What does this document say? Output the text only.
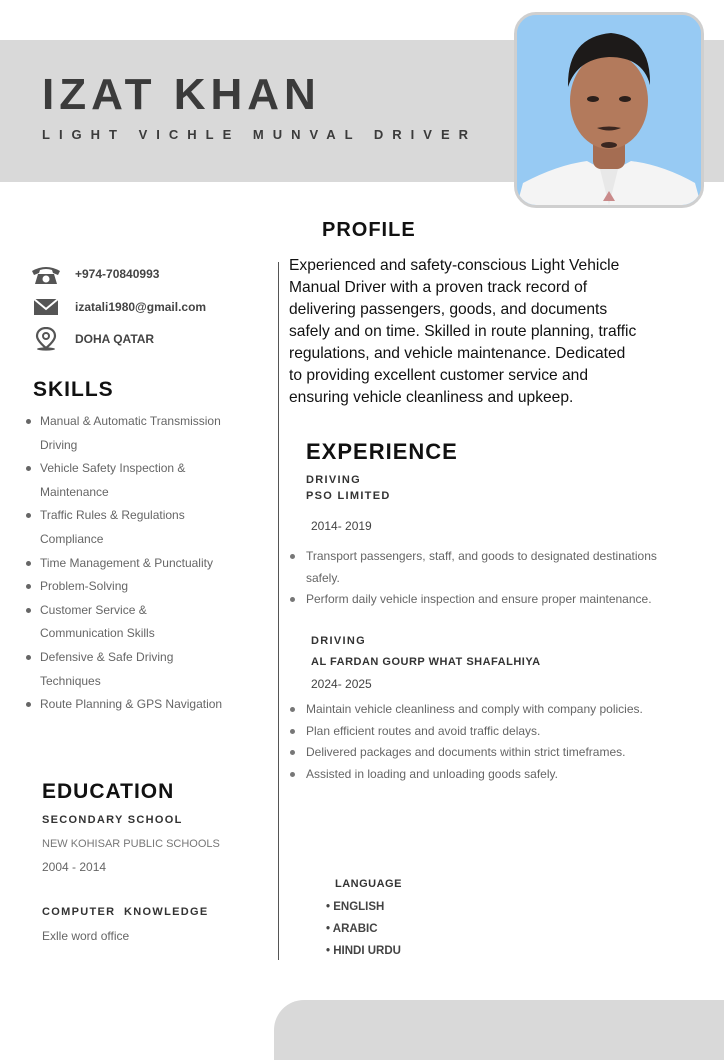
IZAT KHAN
LIGHT VICHLE MUNVAL DRIVER
+974-70840993
izatali1980@gmail.com
DOHA QATAR
SKILLS
Manual & Automatic Transmission Driving
Vehicle Safety Inspection & Maintenance
Traffic Rules & Regulations Compliance
Time Management & Punctuality
Problem-Solving
Customer Service & Communication Skills
Defensive & Safe Driving Techniques
Route Planning & GPS Navigation
EDUCATION
SECONDARY SCHOOL
NEW KOHISAR PUBLIC SCHOOLS
2004 - 2014
COMPUTER  KNOWLEDGE
Exlle word office
PROFILE

Experienced and safety-conscious Light Vehicle Manual Driver with a proven track record of delivering passengers, goods, and documents safely and on time. Skilled in route planning, traffic regulations, and vehicle maintenance. Dedicated to providing excellent customer service and ensuring vehicle cleanliness and upkeep.

EXPERIENCE
DRIVING
PSO LIMITED
2014- 2019
Transport passengers, staff, and goods to designated destinations safely.
Perform daily vehicle inspection and ensure proper maintenance.
DRIVING
AL FARDAN GOURP WHAT SHAFALHIYA
2024- 2025
Maintain vehicle cleanliness and comply with company policies.
Plan efficient routes and avoid traffic delays.
Delivered packages and documents within strict timeframes.
Assisted in loading and unloading goods safely.
LANGUAGE
• ENGLISH
• ARABIC
• HINDI URDU
